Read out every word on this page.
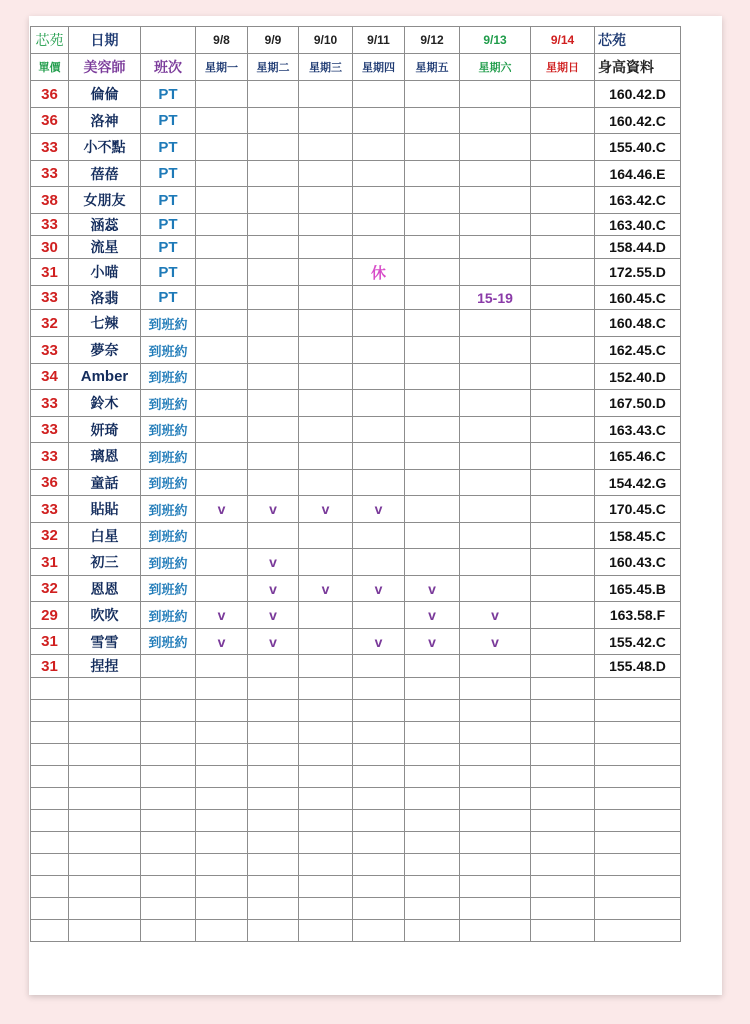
芯苑	日期		9/8	9/9	9/10	9/11	9/12	9/13	9/14	芯苑
單價	美容師	班次	星期一	星期二	星期三	星期四	星期五	星期六	星期日	身高資料
36	倫倫	PT								160.42.D
36	洛神	PT								160.42.C
33	小不點	PT								155.40.C
33	蓓蓓	PT								164.46.E
38	女朋友	PT								163.42.C
33	涵蕊	PT								163.40.C
30	流星	PT								158.44.D
31	小喵	PT				休				172.55.D
33	洛翡	PT						15-19		160.45.C
32	七辣	到班約								160.48.C
33	夢奈	到班約								162.45.C
34	Amber	到班約								152.40.D
33	鈴木	到班約								167.50.D
33	妍琦	到班約								163.43.C
33	璃恩	到班約								165.46.C
36	童話	到班約								154.42.G
33	貼貼	到班約	v	v	v	v				170.45.C
32	白星	到班約								158.45.C
31	初三	到班約		v						160.43.C
32	恩恩	到班約		v	v	v	v			165.45.B
29	吹吹	到班約	v	v			v	v		163.58.F
31	雪雪	到班約	v	v		v	v	v		155.42.C
31	捏捏									155.48.D
